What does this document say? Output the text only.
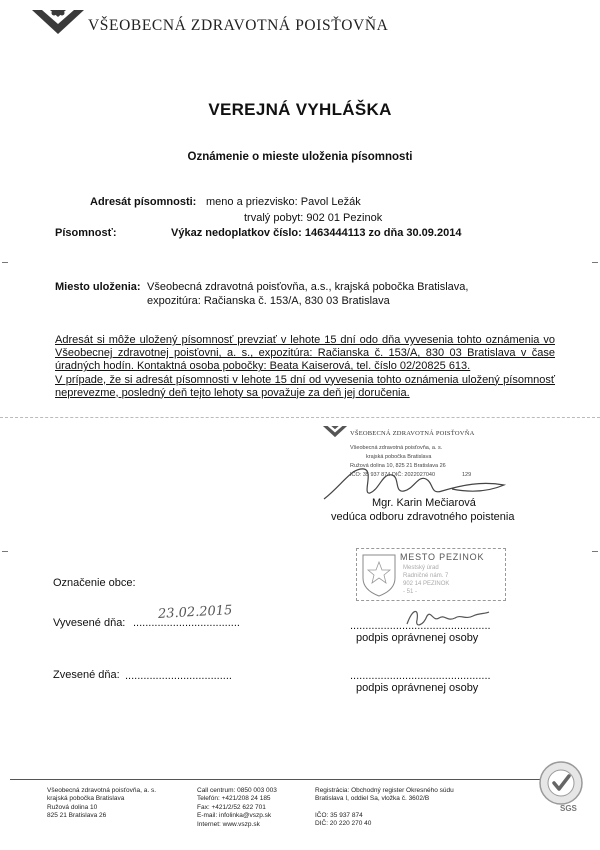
VŠEOBECNÁ ZDRAVOTNÁ POISŤOVŇA
VEREJNÁ VYHLÁŠKA
Oznámenie o mieste uloženia písomnosti
Adresát písomnosti: meno a priezvisko: Pavol Ležák
trvalý pobyt: 902 01 Pezinok
Písomnosť:	Výkaz nedoplatkov číslo: 1463444113 zo dňa 30.09.2014
Miesto uloženia: Všeobecná zdravotná poisťovňa, a.s., krajská pobočka Bratislava,
expozitúra: Račianska č. 153/A, 830 03 Bratislava

Adresát si môže uložený písomnosť prevziať v lehote 15 dní odo dňa vyvesenia tohto oznámenia vo Všeobecnej zdravotnej poisťovni, a. s., expozitúra: Račianska č. 153/A, 830 03 Bratislava v čase úradných hodín. Kontaktná osoba pobočky: Beata Kaiserová, tel. číslo 02/20825 613.

V prípade, že si adresát písomnosti v lehote 15 dní od vyvesenia tohto oznámenia uložený písomnosť neprevezme, posledný deň tejto lehoty sa považuje za deň jej doručenia.

VŠEOBECNÁ ZDRAVOTNÁ POISŤOVŇA
Všeobecná zdravotná poisťovňa, a. s.
krajská pobočka Bratislava
Ružová dolina 10, 825 21 Bratislava 26
IČO: 35 937 874 DIČ: 2022027040	129
Mgr. Karin Mečiarová
vedúca odboru zdravotného poistenia
MESTO PEZINOK
Mestský úrad
Radničné nám. 7
902 14 PEZINOK
- 51 -
Označenie obce:
Vyvesené dňa: ...................................
23.02.2015
..............................................
podpis oprávnenej osoby
Zvesené dňa: ...................................	..............................................
podpis oprávnenej osoby
Všeobecná zdravotná poisťovňa, a. s.
krajská pobočka Bratislava
Ružová dolina 10
825 21 Bratislava 26
Call centrum: 0850 003 003
Telefón: +421/208 24 185
Fax: +421/2/52 622 701
E-mail: infolinka@vszp.sk
Internet: www.vszp.sk
Registrácia: Obchodný register Okresného súdu
Bratislava I, oddiel Sa, vložka č. 3602/B
IČO: 35 937 874
DIČ: 20 220 270 40
SGS
